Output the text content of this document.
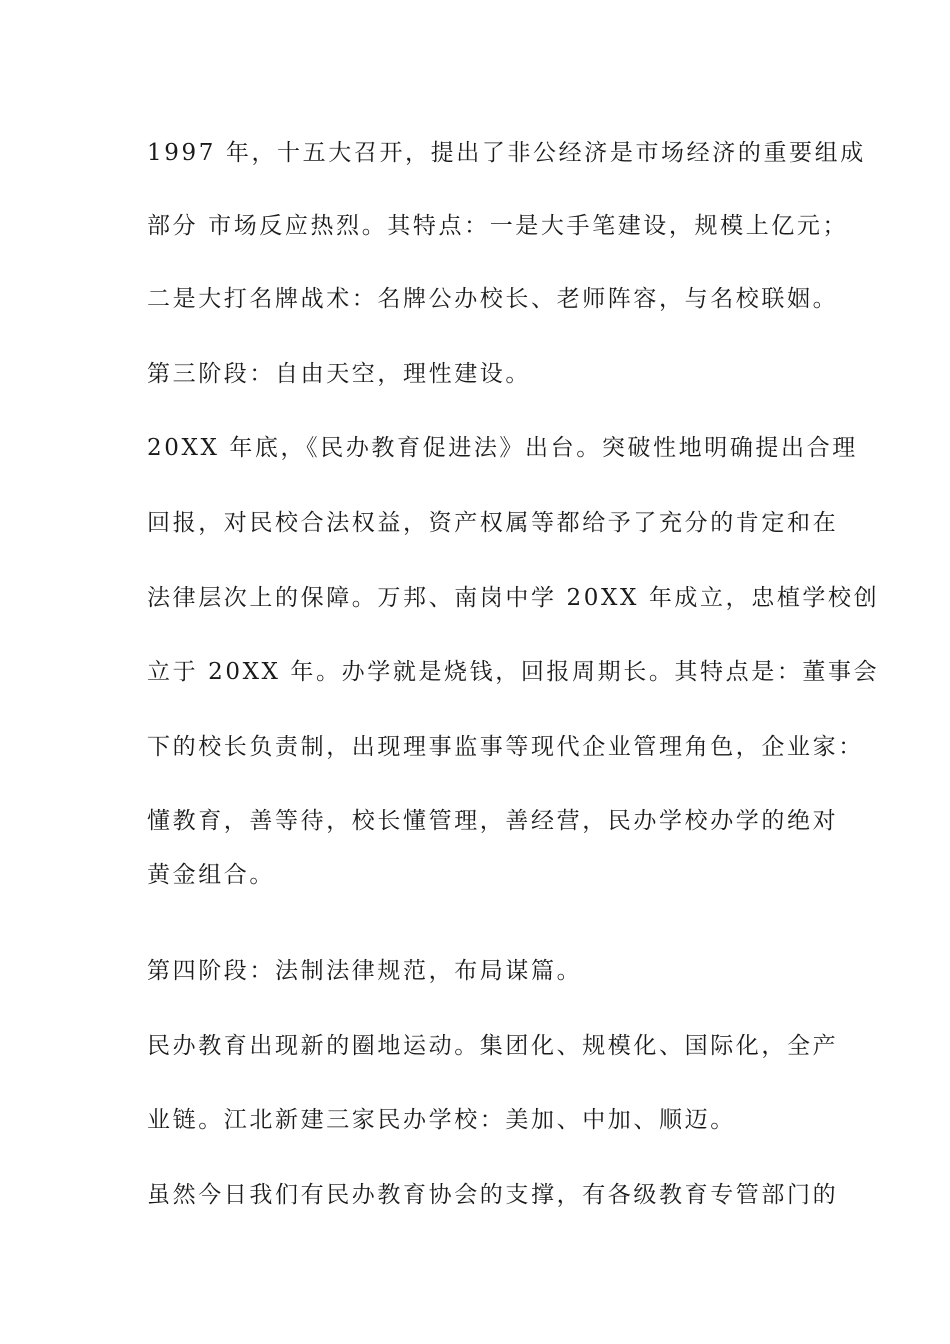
1997 年，十五大召开，提出了非公经济是市场经济的重要组成
部分 市场反应热烈。其特点：一是大手笔建设，规模上亿元；
二是大打名牌战术：名牌公办校长、老师阵容，与名校联姻。
第三阶段：自由天空，理性建设。
20XX 年底，《民办教育促进法》出台。突破性地明确提出合理
回报，对民校合法权益，资产权属等都给予了充分的肯定和在
法律层次上的保障。万邦、南岗中学 20XX 年成立，忠植学校创
立于 20XX 年。办学就是烧钱，回报周期长。其特点是：董事会
下的校长负责制，出现理事监事等现代企业管理角色，企业家：
懂教育，善等待，校长懂管理，善经营，民办学校办学的绝对
黄金组合。
第四阶段：法制法律规范，布局谋篇。
民办教育出现新的圈地运动。集团化、规模化、国际化，全产
业链。江北新建三家民办学校：美加、中加、顺迈。
虽然今日我们有民办教育协会的支撑，有各级教育专管部门的
